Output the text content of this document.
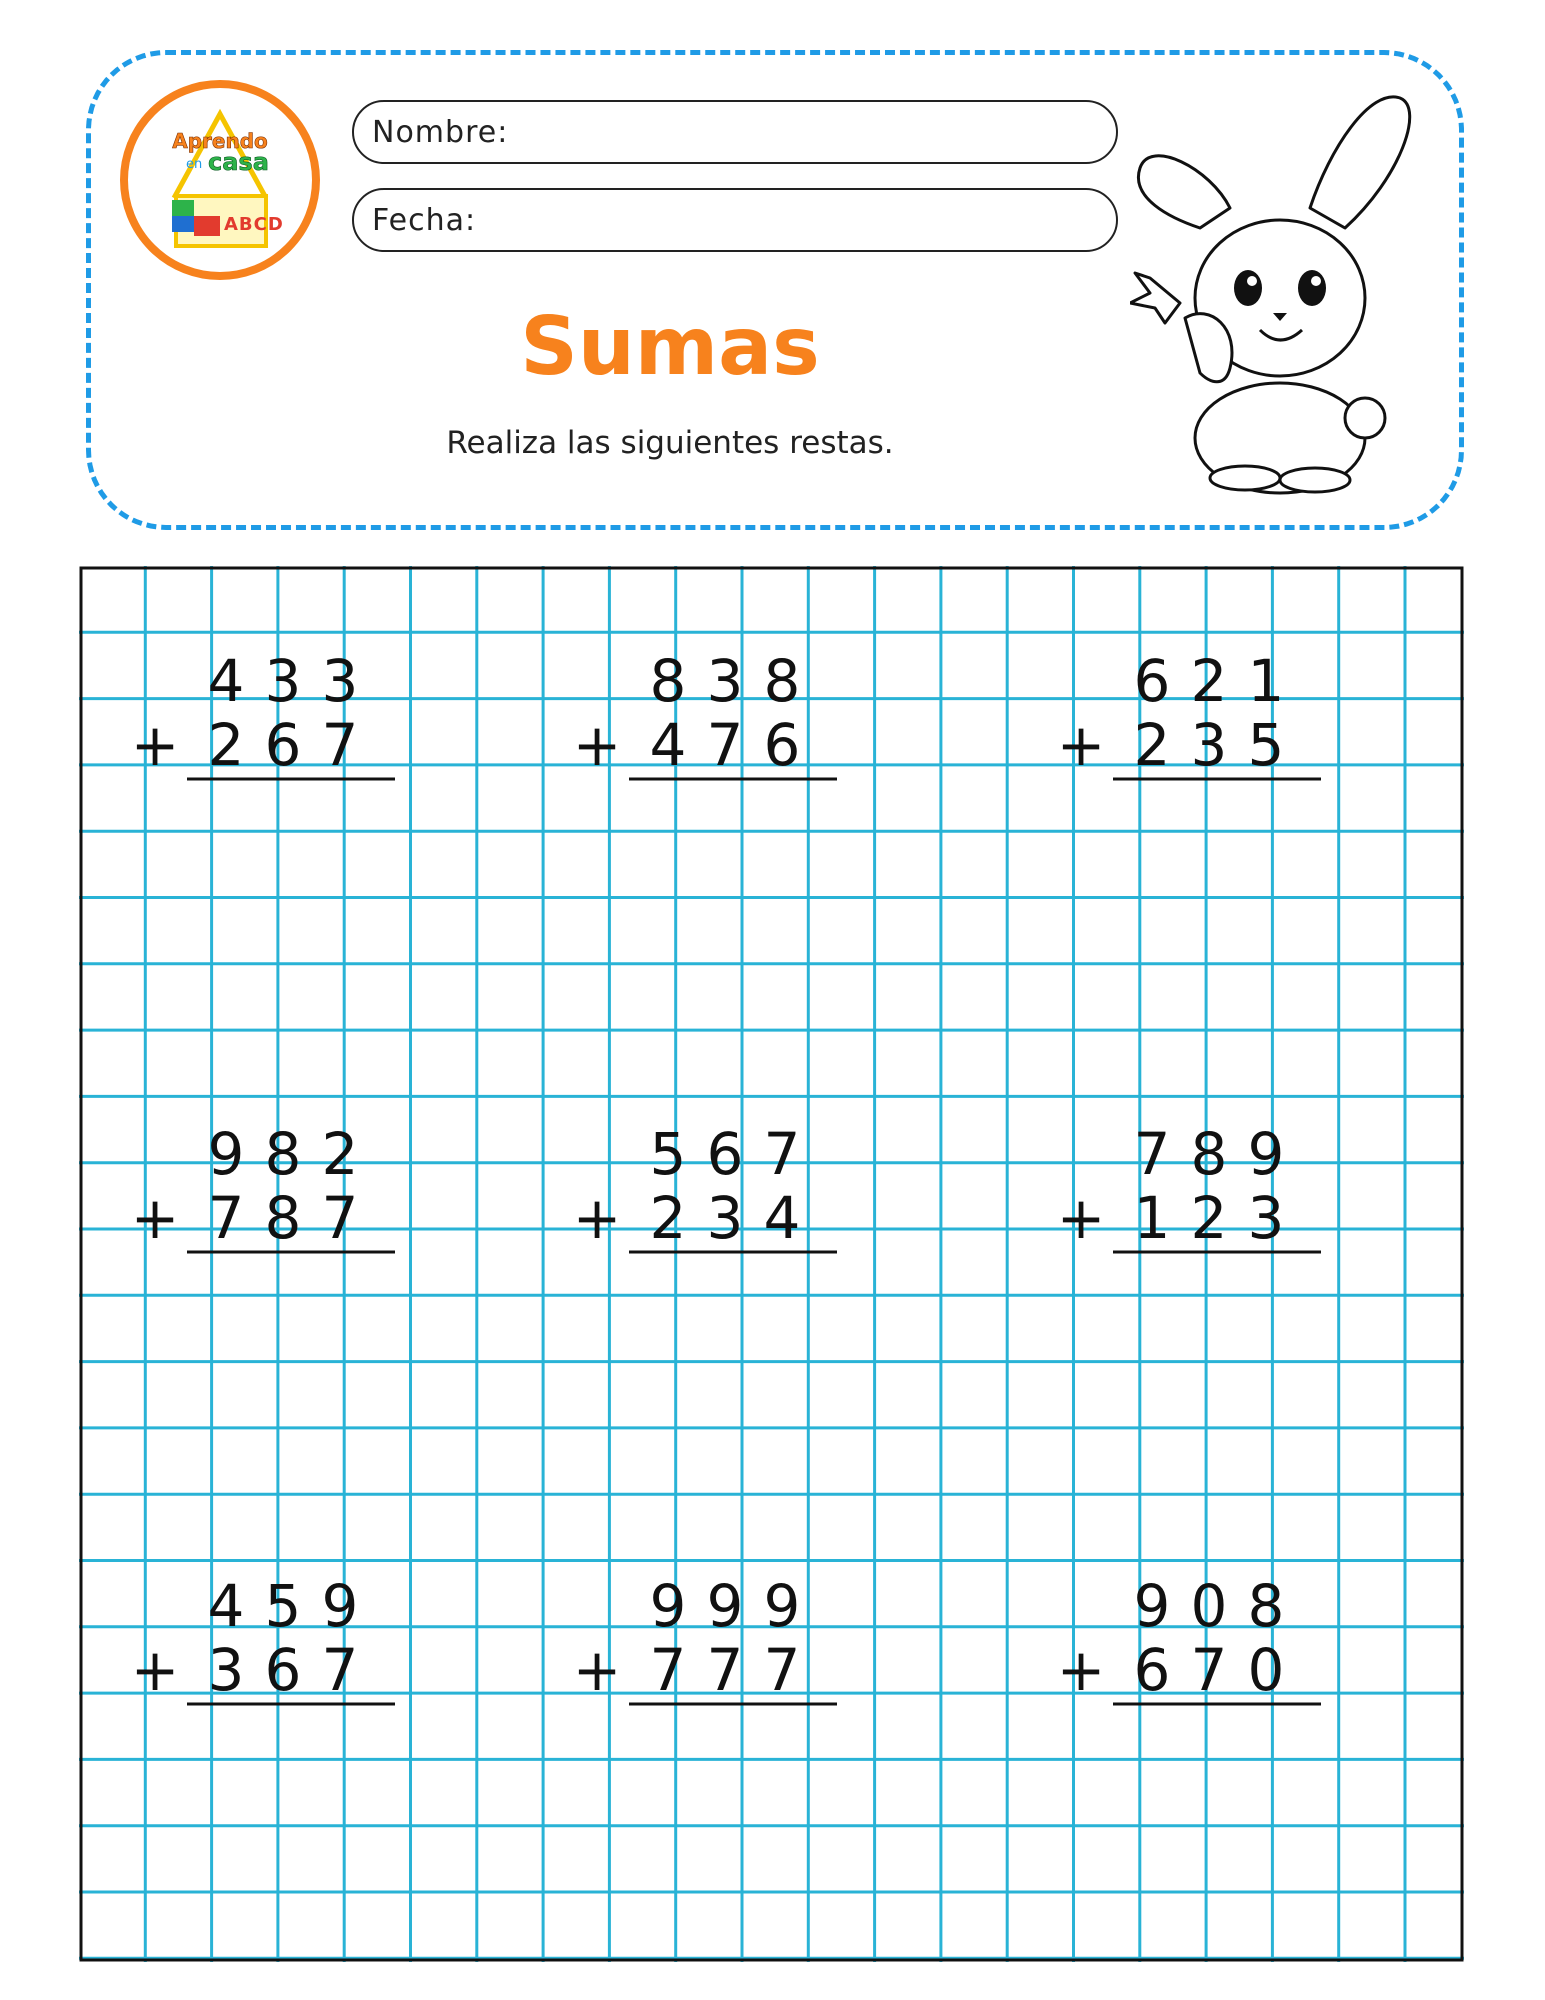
Aprendo
en casa
ABCD
Nombre:
Fecha:
Sumas
Realiza las siguientes restas.
4 3 3
2 6 7
+
8 3 8
4 7 6
+
6 2 1
2 3 5
+
9 8 2
7 8 7
+
5 6 7
2 3 4
+
7 8 9
1 2 3
+
4 5 9
3 6 7
+
9 9 9
7 7 7
+
9 0 8
6 7 0
+
